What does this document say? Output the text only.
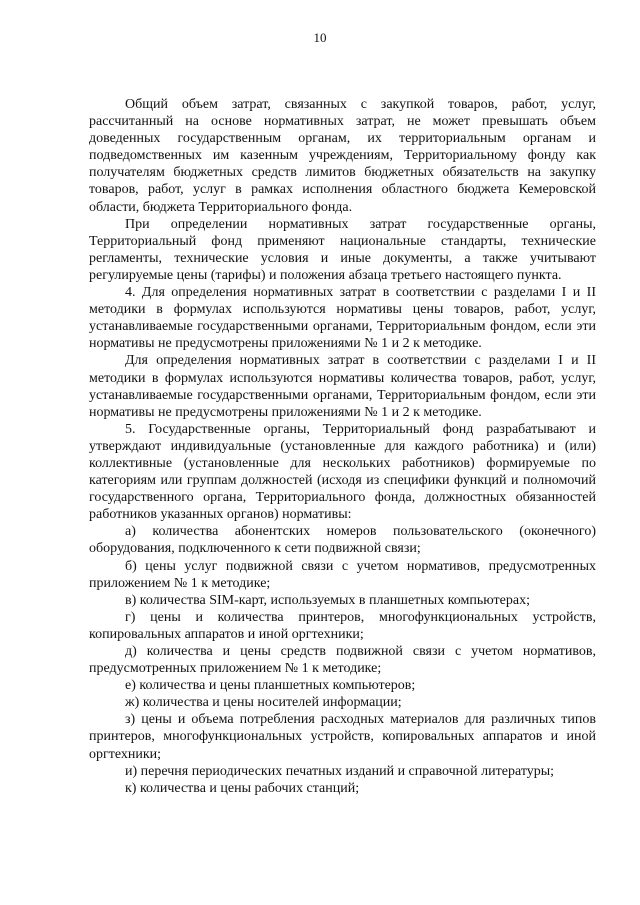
10

Общий объем затрат, связанных с закупкой товаров, работ, услуг, рассчитанный на основе нормативных затрат, не может превышать объем доведенных государственным органам, их территориальным органам и подведомственных им казенным учреждениям, Территориальному фонду как получателям бюджетных средств лимитов бюджетных обязательств на закупку товаров, работ, услуг в рамках исполнения областного бюджета Кемеровской области, бюджета Территориального фонда.

При определении нормативных затрат государственные органы, Территориальный фонд применяют национальные стандарты, технические регламенты, технические условия и иные документы, а также учитывают регулируемые цены (тарифы) и положения абзаца третьего настоящего пункта.

4. Для определения нормативных затрат в соответствии с разделами I и II методики в формулах используются нормативы цены товаров, работ, услуг, устанавливаемые государственными органами, Территориальным фондом, если эти нормативы не предусмотрены приложениями № 1 и 2 к методике.

Для определения нормативных затрат в соответствии с разделами I и II методики в формулах используются нормативы количества товаров, работ, услуг, устанавливаемые государственными органами, Территориальным фондом, если эти нормативы не предусмотрены приложениями № 1 и 2 к методике.

5. Государственные органы, Территориальный фонд разрабатывают и утверждают индивидуальные (установленные для каждого работника) и (или) коллективные (установленные для нескольких работников) формируемые по категориям или группам должностей (исходя из специфики функций и полномочий государственного органа, Территориального фонда, должностных обязанностей работников указанных органов) нормативы:

а) количества абонентских номеров пользовательского (оконечного) оборудования, подключенного к сети подвижной связи;

б) цены услуг подвижной связи с учетом нормативов, предусмотренных приложением № 1 к методике;

в) количества SIM-карт, используемых в планшетных компьютерах;

г) цены и количества принтеров, многофункциональных устройств, копировальных аппаратов и иной оргтехники;

д) количества и цены средств подвижной связи с учетом нормативов, предусмотренных приложением № 1 к методике;

е) количества и цены планшетных компьютеров;

ж) количества и цены носителей информации;

з) цены и объема потребления расходных материалов для различных типов принтеров, многофункциональных устройств, копировальных аппаратов и иной оргтехники;

и) перечня периодических печатных изданий и справочной литературы;

к) количества и цены рабочих станций;
